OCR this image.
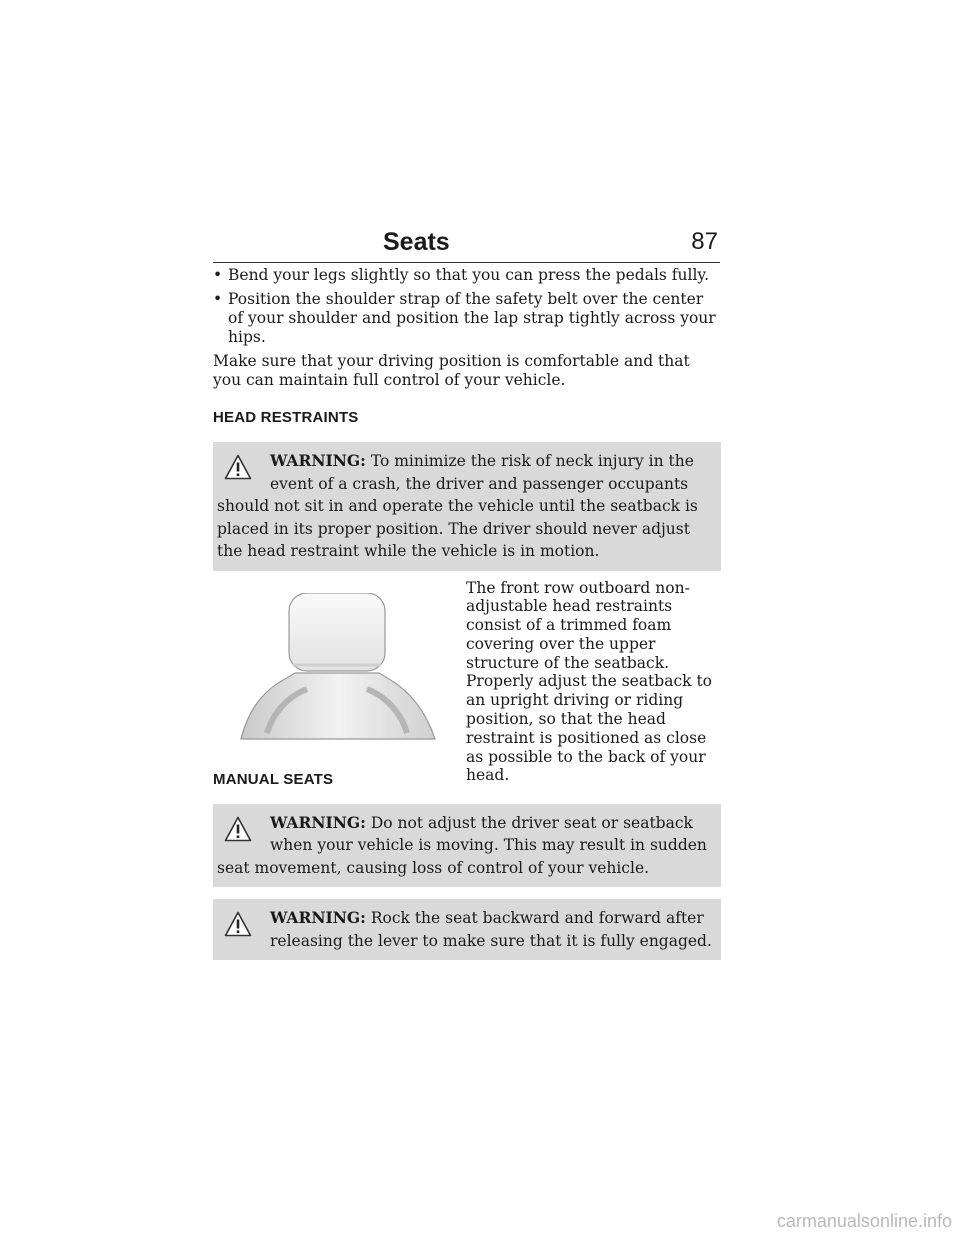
Seats	87
• Bend your legs slightly so that you can press the pedals fully.
• Position the shoulder strap of the safety belt over the center of your shoulder and position the lap strap tightly across your hips.

Make sure that your driving position is comfortable and that you can maintain full control of your vehicle.

HEAD RESTRAINTS
WARNING: To minimize the risk of neck injury in the event of a crash, the driver and passenger occupants should not sit in and operate the vehicle until the seatback is placed in its proper position. The driver should never adjust the head restraint while the vehicle is in motion.
The front row outboard non-adjustable head restraints consist of a trimmed foam covering over the upper structure of the seatback. Properly adjust the seatback to an upright driving or riding position, so that the head restraint is positioned as close as possible to the back of your head.
MANUAL SEATS
WARNING: Do not adjust the driver seat or seatback when your vehicle is moving. This may result in sudden seat movement, causing loss of control of your vehicle.
WARNING: Rock the seat backward and forward after releasing the lever to make sure that it is fully engaged.
carmanualsonline.info
